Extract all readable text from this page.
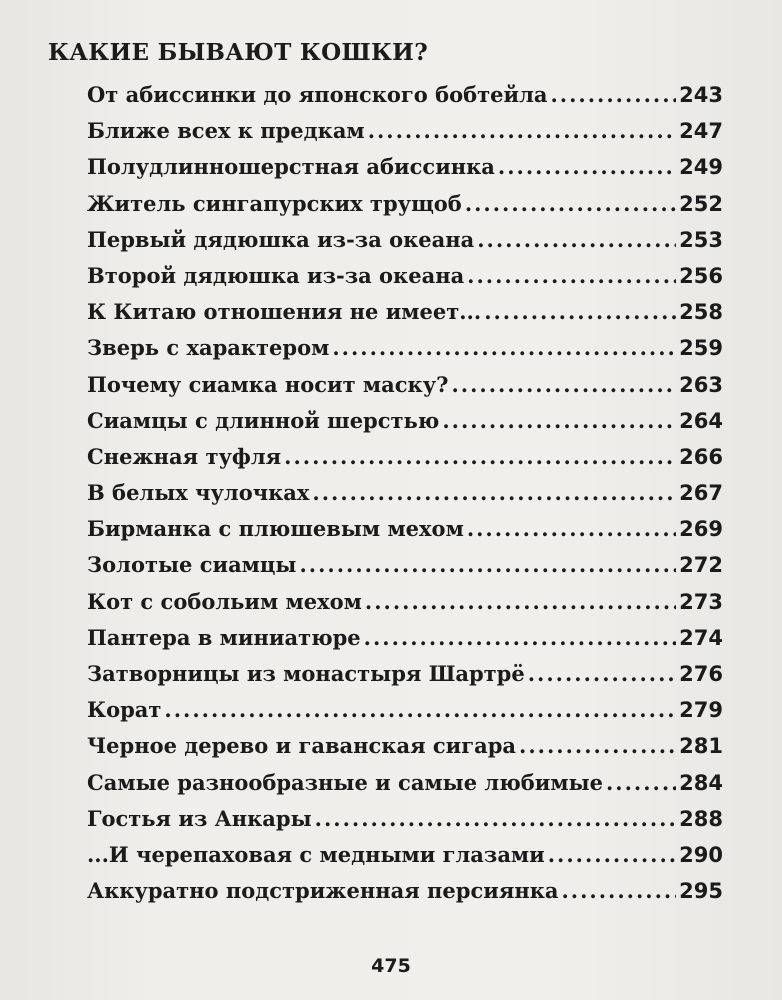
КАКИЕ БЫВАЮТ КОШКИ?
От абиссинки до японского бобтейла .....	243
Ближе всех к предкам .....	247
Полудлинношерстная абиссинка .....	249
Житель сингапурских трущоб .....	252
Первый дядюшка из-за океана .....	253
Второй дядюшка из-за океана .....	256
К Китаю отношения не имеет... .....	258
Зверь с характером .....	259
Почему сиамка носит маску? .....	263
Сиамцы с длинной шерстью .....	264
Снежная туфля .....	266
В белых чулочках .....	267
Бирманка с плюшевым мехом .....	269
Золотые сиамцы .....	272
Кот с собольим мехом .....	273
Пантера в миниатюре .....	274
Затворницы из монастыря Шартрё .....	276
Корат .....	279
Черное дерево и гаванская сигара .....	281
Самые разнообразные и самые любимые .....	284
Гостья из Анкары .....	288
...И черепаховая с медными глазами .....	290
Аккуратно подстриженная персиянка .....	295
475
